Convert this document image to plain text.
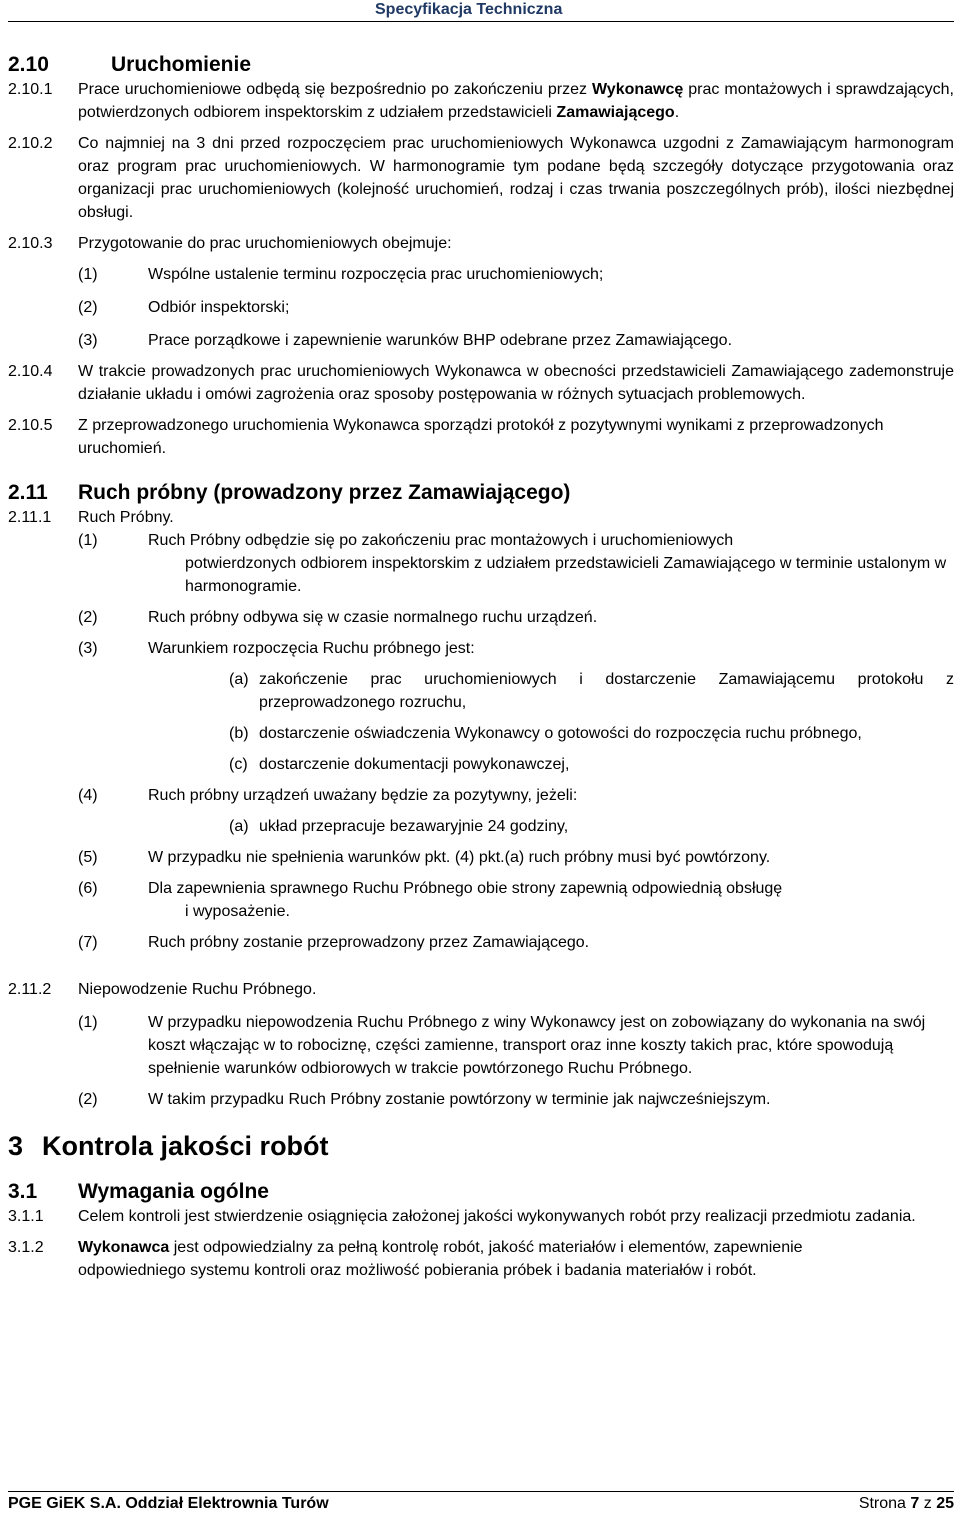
Specyfikacja Techniczna
2.10	Uruchomienie
2.10.1 Prace uruchomieniowe odbędą się bezpośrednio po zakończeniu przez Wykonawcę prac montażowych i sprawdzających, potwierdzonych odbiorem inspektorskim z udziałem przedstawicieli Zamawiającego.
2.10.2 Co najmniej na 3 dni przed rozpoczęciem prac uruchomieniowych Wykonawca uzgodni z Zamawiającym harmonogram oraz program prac uruchomieniowych. W harmonogramie tym podane będą szczegóły dotyczące przygotowania oraz organizacji prac uruchomieniowych (kolejność uruchomień, rodzaj i czas trwania poszczególnych prób), ilości niezbędnej obsługi.
2.10.3 Przygotowanie do prac uruchomieniowych obejmuje:
(1)	Wspólne ustalenie terminu rozpoczęcia prac uruchomieniowych;
(2)	Odbiór inspektorski;
(3)	Prace porządkowe i zapewnienie warunków BHP odebrane przez Zamawiającego.
2.10.4 W trakcie prowadzonych prac uruchomieniowych Wykonawca w obecności przedstawicieli Zamawiającego zademonstruje działanie układu i omówi zagrożenia oraz sposoby postępowania w różnych sytuacjach problemowych.
2.10.5 Z przeprowadzonego uruchomienia Wykonawca sporządzi protokół z pozytywnymi wynikami z przeprowadzonych uruchomień.
2.11 Ruch próbny (prowadzony przez Zamawiającego)
2.11.1 Ruch Próbny.
(1)	Ruch Próbny odbędzie się po zakończeniu prac montażowych i uruchomieniowych
potwierdzonych odbiorem inspektorskim z udziałem przedstawicieli Zamawiającego w terminie ustalonym w harmonogramie.
(2)	Ruch próbny odbywa się w czasie normalnego ruchu urządzeń.
(3)	Warunkiem rozpoczęcia Ruchu próbnego jest:
(a) zakończenie prac uruchomieniowych i dostarczenie Zamawiającemu protokołu z przeprowadzonego rozruchu,
(b) dostarczenie oświadczenia Wykonawcy o gotowości do rozpoczęcia ruchu próbnego,
(c) dostarczenie dokumentacji powykonawczej,
(4)	Ruch próbny urządzeń uważany będzie za pozytywny, jeżeli:
(a) układ przepracuje bezawaryjnie 24 godziny,
(5)	W przypadku nie spełnienia warunków pkt. (4) pkt.(a) ruch próbny musi być powtórzony.
(6)	Dla zapewnienia sprawnego Ruchu Próbnego obie strony zapewnią odpowiednią obsługę
i wyposażenie.
(7)	Ruch próbny zostanie przeprowadzony przez Zamawiającego.
2.11.2 Niepowodzenie Ruchu Próbnego.
(1)	W przypadku niepowodzenia Ruchu Próbnego z winy Wykonawcy jest on zobowiązany do wykonania na swój koszt włączając w to robociznę, części zamienne, transport oraz inne koszty takich prac, które spowodują spełnienie warunków odbiorowych w trakcie powtórzonego Ruchu Próbnego.
(2)	W takim przypadku Ruch Próbny zostanie powtórzony w terminie jak najwcześniejszym.
3 Kontrola jakości robót
3.1 Wymagania ogólne
3.1.1 Celem kontroli jest stwierdzenie osiągnięcia założonej jakości wykonywanych robót przy realizacji przedmiotu zadania.
3.1.2 Wykonawca jest odpowiedzialny za pełną kontrolę robót, jakość materiałów i elementów, zapewnienie odpowiedniego systemu kontroli oraz możliwość pobierania próbek i badania materiałów i robót.
PGE GiEK S.A. Oddział Elektrownia Turów	Strona 7 z 25
